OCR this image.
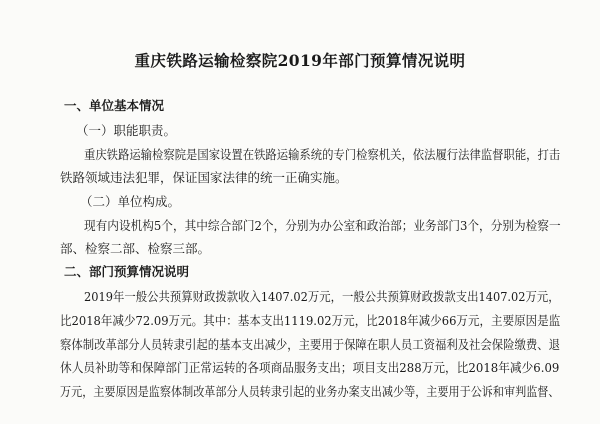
重庆铁路运输检察院2019年部门预算情况说明
一、单位基本情况
（一）职能职责。
重庆铁路运输检察院是国家设置在铁路运输系统的专门检察机关，依法履行法律监督职能，打击
铁路领域违法犯罪，保证国家法律的统一正确实施。
（二）单位构成。
现有内设机构5个，其中综合部门2个，分别为办公室和政治部；业务部门3个，分别为检察一
部、检察二部、检察三部。
二、部门预算情况说明
2019年一般公共预算财政拨款收入1407.02万元，一般公共预算财政拨款支出1407.02万元，
比2018年减少72.09万元。其中：基本支出1119.02万元，比2018年减少66万元，主要原因是监
察体制改革部分人员转隶引起的基本支出减少，主要用于保障在职人员工资福利及社会保险缴费、退
休人员补助等和保障部门正常运转的各项商品服务支出；项目支出288万元，比2018年减少6.09
万元，主要原因是监察体制改革部分人员转隶引起的业务办案支出减少等，主要用于公诉和审判监督、
